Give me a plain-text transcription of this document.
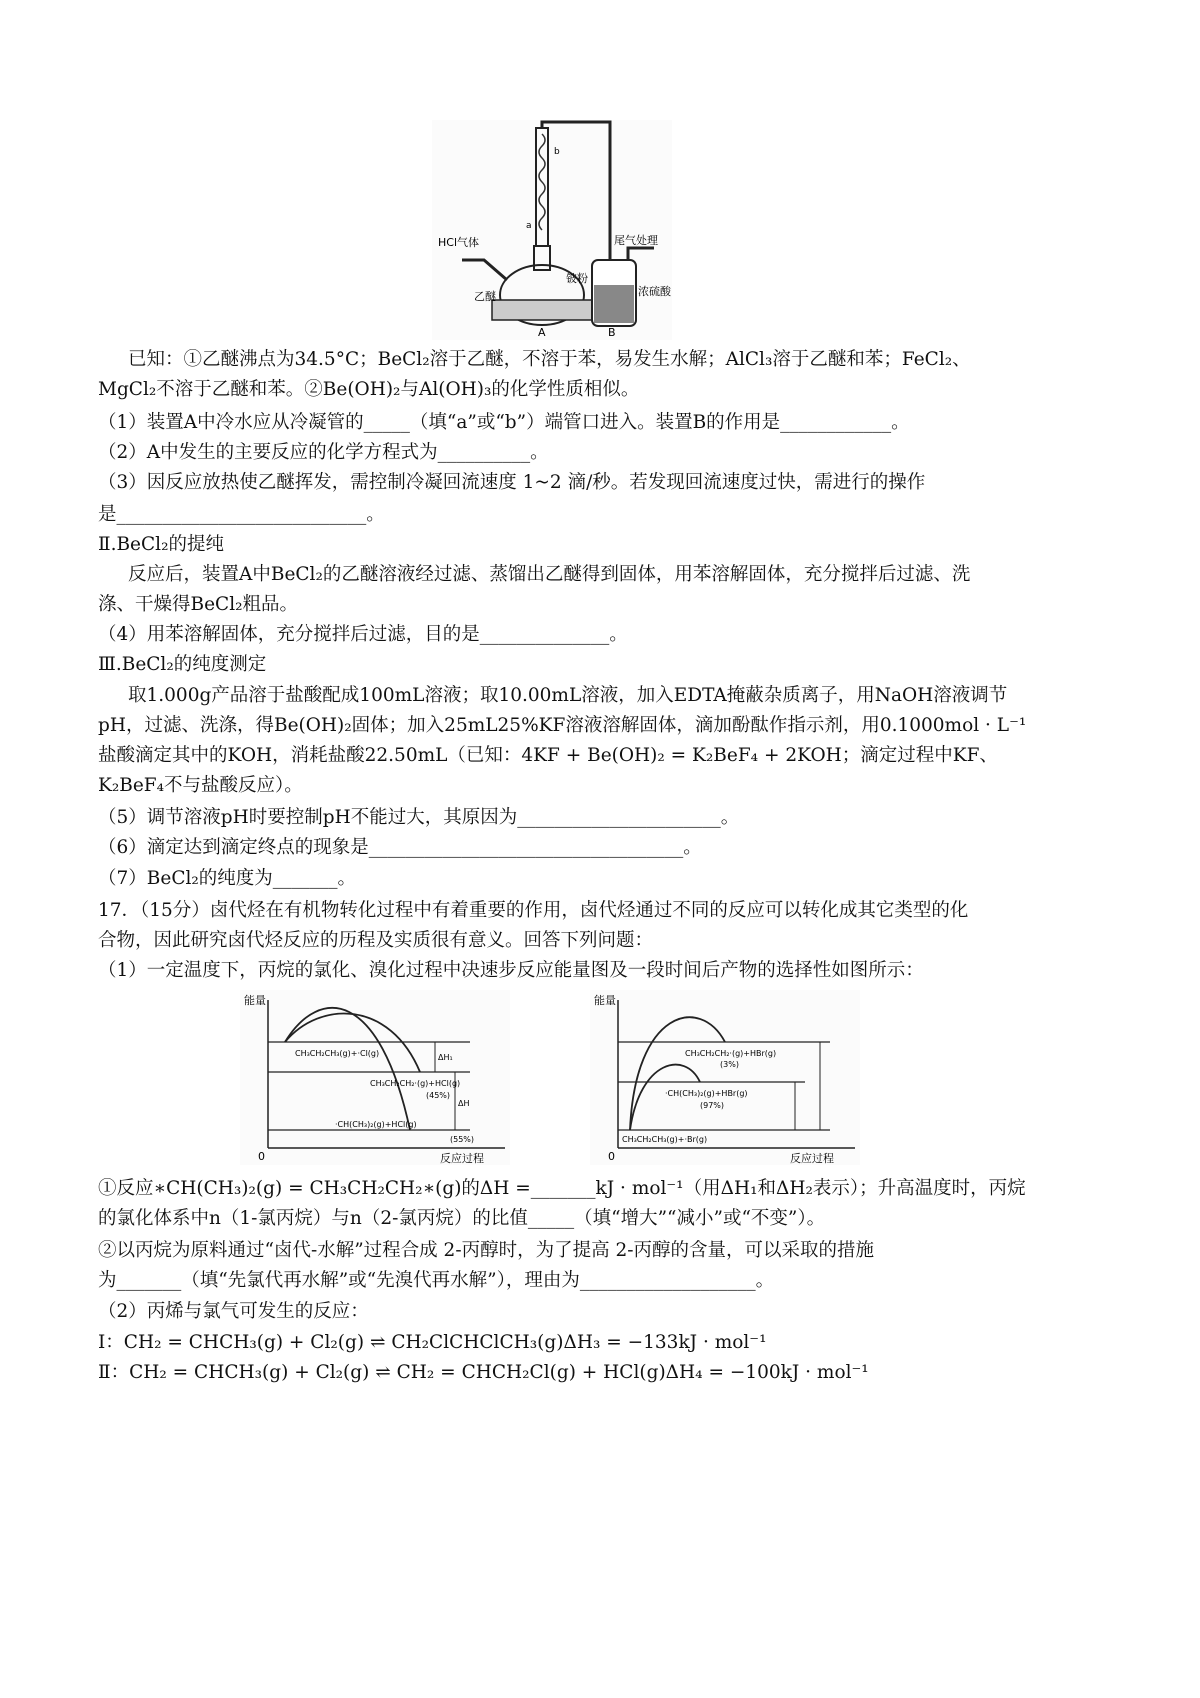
HCl气体
乙醚
b
a
尾气处理
铍粉
浓硫酸
A	B
已知：①乙醚沸点为34.5°C；BeCl₂溶于乙醚，不溶于苯，易发生水解；AlCl₃溶于乙醚和苯；FeCl₂、
MgCl₂不溶于乙醚和苯。②Be(OH)₂与Al(OH)₃的化学性质相似。
（1）装置A中冷水应从冷凝管的_____（填“a”或“b”）端管口进入。装置B的作用是____________。
（2）A中发生的主要反应的化学方程式为__________。
（3）因反应放热使乙醚挥发，需控制冷凝回流速度 1~2 滴/秒。若发现回流速度过快，需进行的操作
是___________________________。
Ⅱ.BeCl₂的提纯
反应后，装置A中BeCl₂的乙醚溶液经过滤、蒸馏出乙醚得到固体，用苯溶解固体，充分搅拌后过滤、洗
涤、干燥得BeCl₂粗品。
（4）用苯溶解固体，充分搅拌后过滤，目的是______________。
Ⅲ.BeCl₂的纯度测定
取1.000g产品溶于盐酸配成100mL溶液；取10.00mL溶液，加入EDTA掩蔽杂质离子，用NaOH溶液调节
pH，过滤、洗涤，得Be(OH)₂固体；加入25mL25%KF溶液溶解固体，滴加酚酞作指示剂，用0.1000mol · L⁻¹
盐酸滴定其中的KOH，消耗盐酸22.50mL（已知：4KF + Be(OH)₂ = K₂BeF₄ + 2KOH；滴定过程中KF、
K₂BeF₄不与盐酸反应）。
（5）调节溶液pH时要控制pH不能过大，其原因为______________________。
（6）滴定达到滴定终点的现象是__________________________________。
（7）BeCl₂的纯度为_______。
17．（15分）卤代烃在有机物转化过程中有着重要的作用，卤代烃通过不同的反应可以转化成其它类型的化
合物，因此研究卤代烃反应的历程及实质很有意义。回答下列问题：
（1）一定温度下，丙烷的氯化、溴化过程中决速步反应能量图及一段时间后产物的选择性如图所示：
能量
0	反应过程
CH₃CH₂CH₃(g)+·Cl(g)
CH₃CH₂CH₂·(g)+HCl(g)
(45%)
·CH(CH₃)₂(g)+HCl(g)
(55%)
ΔH₁
ΔH
能量
0	反应过程
CH₃CH₂CH₂·(g)+HBr(g)
(3%)
·CH(CH₃)₂(g)+HBr(g)
(97%)
CH₃CH₂CH₃(g)+·Br(g)
①反应∗CH(CH₃)₂(g) = CH₃CH₂CH₂∗(g)的ΔH =_______kJ · mol⁻¹（用ΔH₁和ΔH₂表示）；升高温度时，丙烷
的氯化体系中n（1-氯丙烷）与n（2-氯丙烷）的比值_____（填“增大”“减小”或“不变”）。
②以丙烷为原料通过“卤代-水解”过程合成 2-丙醇时，为了提高 2-丙醇的含量，可以采取的措施
为_______（填“先氯代再水解”或“先溴代再水解”），理由为___________________。
（2）丙烯与氯气可发生的反应：
Ⅰ：CH₂ = CHCH₃(g) + Cl₂(g) ⇌ CH₂ClCHClCH₃(g)ΔH₃ = −133kJ · mol⁻¹
Ⅱ：CH₂ = CHCH₃(g) + Cl₂(g) ⇌ CH₂ = CHCH₂Cl(g) + HCl(g)ΔH₄ = −100kJ · mol⁻¹
